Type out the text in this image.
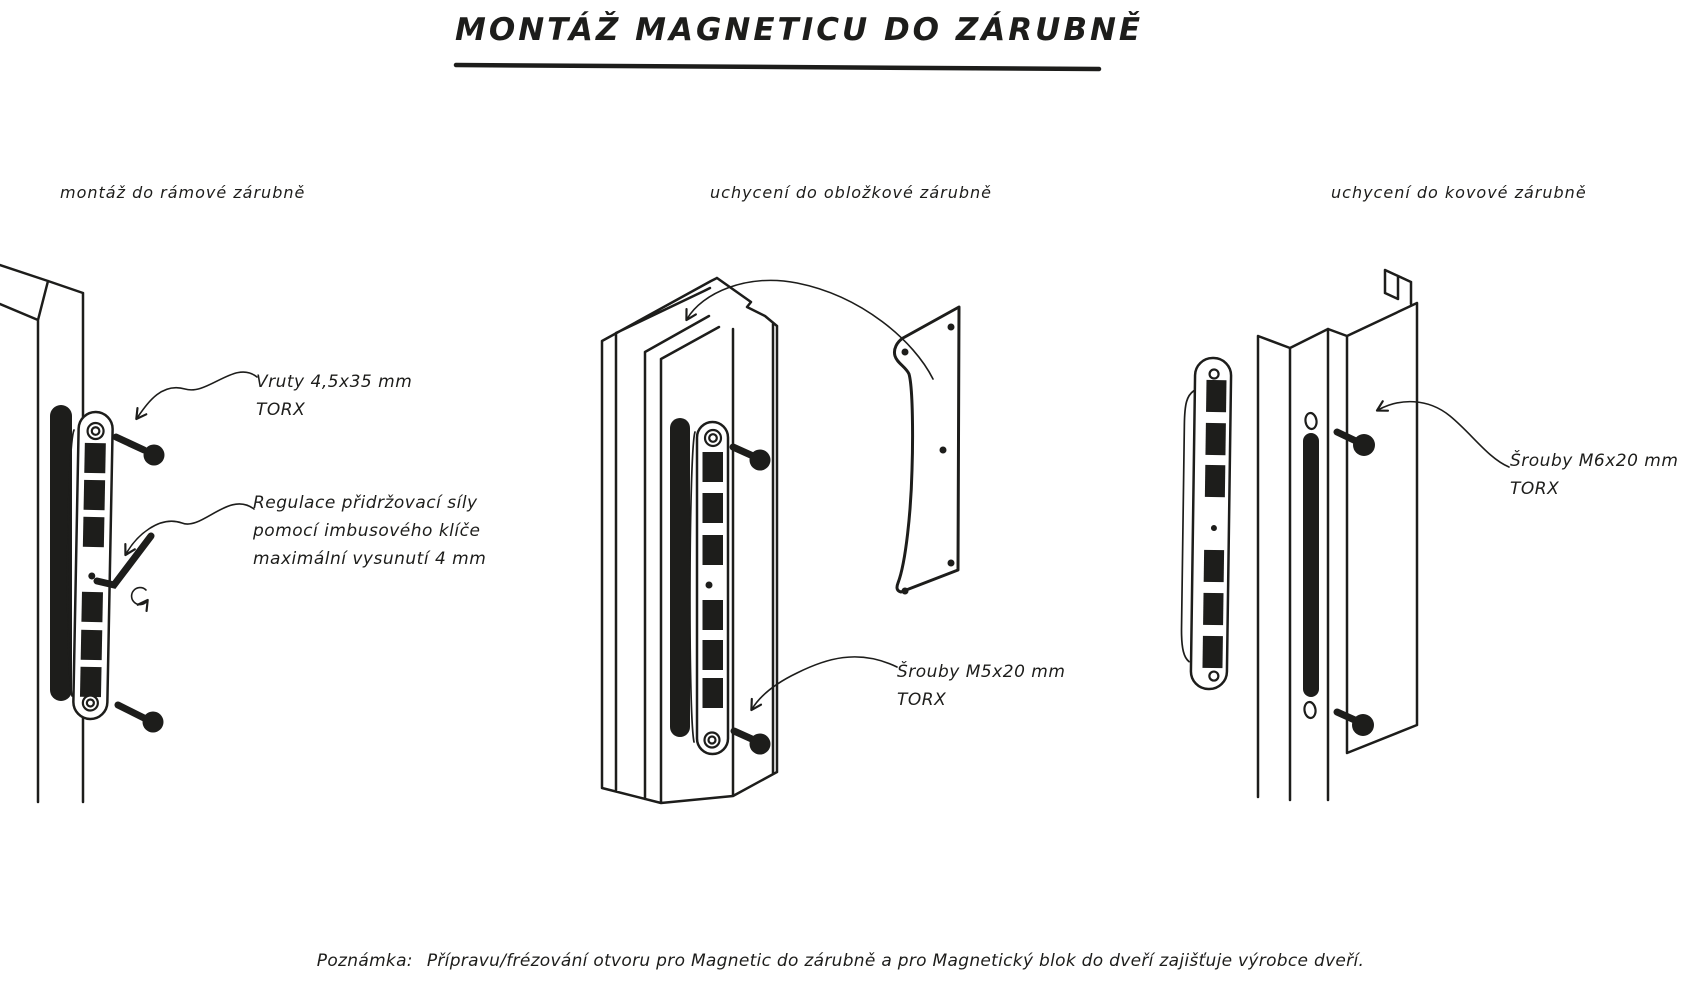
MONTÁŽ MAGNETICU DO ZÁRUBNĚ
montáž do rámové zárubně	uchycení do obložkové zárubně	uchycení do kovové zárubně
Vruty 4,5x35 mm
TORX
Regulace přidržovací síly
pomocí imbusového klíče
maximální vysunutí 4 mm
Šrouby M5x20 mm
TORX
Šrouby M6x20 mm
TORX
Poznámka: Přípravu/frézování otvoru pro Magnetic do zárubně a pro Magnetický blok do dveří zajišťuje výrobce dveří.
